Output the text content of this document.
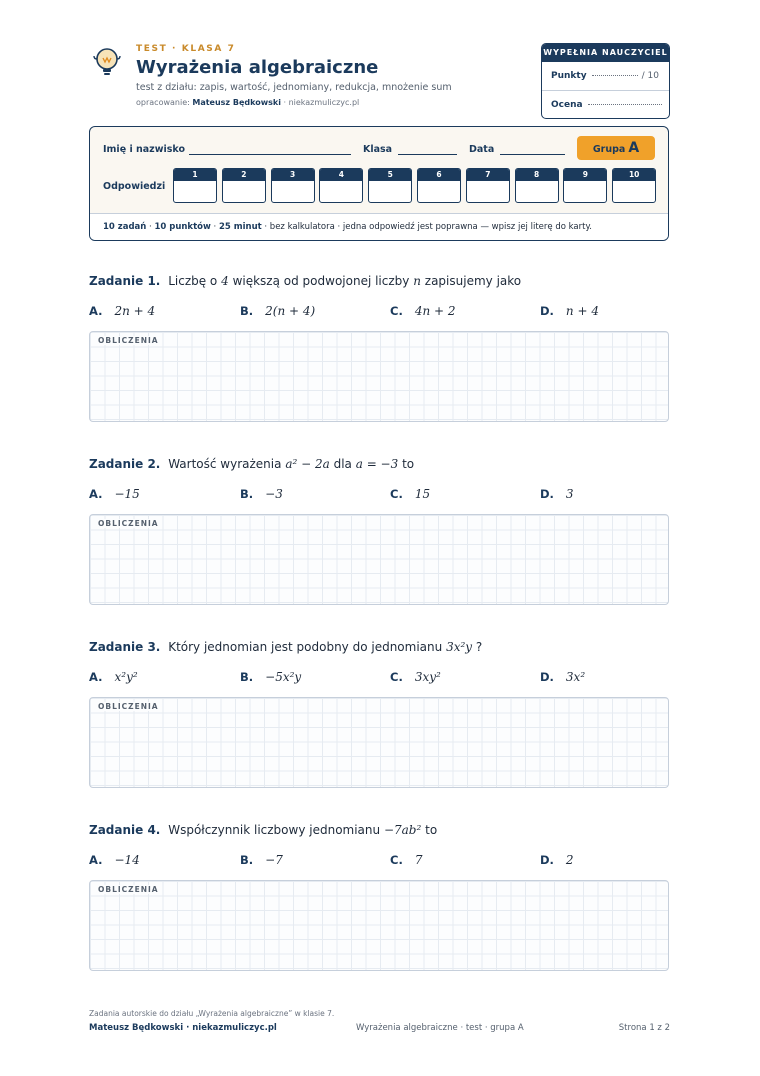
TEST · KLASA 7
Wyrażenia algebraiczne
test z działu: zapis, wartość, jednomiany, redukcja, mnożenie sum
opracowanie: Mateusz Będkowski · niekazmuliczyc.pl
WYPEŁNIA NAUCZYCIEL
Punkty	/ 10
Ocena
Imię i nazwisko	Klasa	Data	Grupa A
Odpowiedzi
1	2	3	4	5	6	7	8	9	10
10 zadań · 10 punktów · 25 minut · bez kalkulatora · jedna odpowiedź jest poprawna — wpisz jej literę do karty.
Zadanie 1. Liczbę o 4 większą od podwojonej liczby n zapisujemy jako
A. 2n + 4	B. 2(n + 4)	C. 4n + 2	D. n + 4
OBLICZENIA
Zadanie 2. Wartość wyrażenia a² − 2a dla a = −3 to
A. −15	B. −3	C. 15	D. 3
OBLICZENIA
Zadanie 3. Który jednomian jest podobny do jednomianu 3x²y ?
A. x²y²	B. −5x²y	C. 3xy²	D. 3x²
OBLICZENIA
Zadanie 4. Współczynnik liczbowy jednomianu −7ab² to
A. −14	B. −7	C. 7	D. 2
OBLICZENIA
Zadania autorskie do działu „Wyrażenia algebraiczne” w klasie 7.
Mateusz Będkowski · niekazmuliczyc.pl	Wyrażenia algebraiczne · test · grupa A	Strona 1 z 2
